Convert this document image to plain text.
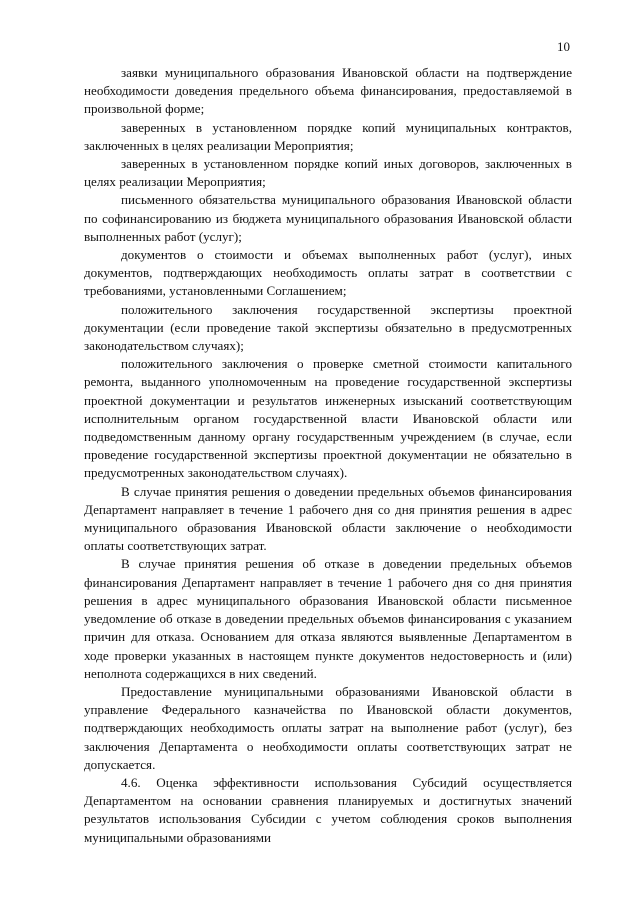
10

заявки муниципального образования Ивановской области на подтверждение необходимости доведения предельного объема финансирования, предоставляемой в произвольной форме;

заверенных в установленном порядке копий муниципальных контрактов, заключенных в целях реализации Мероприятия;

заверенных в установленном порядке копий иных договоров, заключенных в целях реализации Мероприятия;

письменного обязательства муниципального образования Ивановской области по софинансированию из бюджета муниципального образования Ивановской области выполненных работ (услуг);

документов о стоимости и объемах выполненных работ (услуг), иных документов, подтверждающих необходимость оплаты затрат в соответствии с требованиями, установленными Соглашением;

положительного заключения государственной экспертизы проектной документации (если проведение такой экспертизы обязательно в предусмотренных законодательством случаях);

положительного заключения о проверке сметной стоимости капитального ремонта, выданного уполномоченным на проведение государственной экспертизы проектной документации и результатов инженерных изысканий соответствующим исполнительным органом государственной власти Ивановской области или подведомственным данному органу государственным учреждением (в случае, если проведение государственной экспертизы проектной документации не обязательно в предусмотренных законодательством случаях).

В случае принятия решения о доведении предельных объемов финансирования Департамент направляет в течение 1 рабочего дня со дня принятия решения в адрес муниципального образования Ивановской области заключение о необходимости оплаты соответствующих затрат.

В случае принятия решения об отказе в доведении предельных объемов финансирования Департамент направляет в течение 1 рабочего дня со дня принятия решения в адрес муниципального образования Ивановской области письменное уведомление об отказе в доведении предельных объемов финансирования с указанием причин для отказа. Основанием для отказа являются выявленные Департаментом в ходе проверки указанных в настоящем пункте документов недостоверность и (или) неполнота содержащихся в них сведений.

Предоставление муниципальными образованиями Ивановской области в управление Федерального казначейства по Ивановской области документов, подтверждающих необходимость оплаты затрат на выполнение работ (услуг), без заключения Департамента о необходимости оплаты соответствующих затрат не допускается.

4.6. Оценка эффективности использования Субсидий осуществляется Департаментом на основании сравнения планируемых и достигнутых значений результатов использования Субсидии с учетом соблюдения сроков выполнения муниципальными образованиями
